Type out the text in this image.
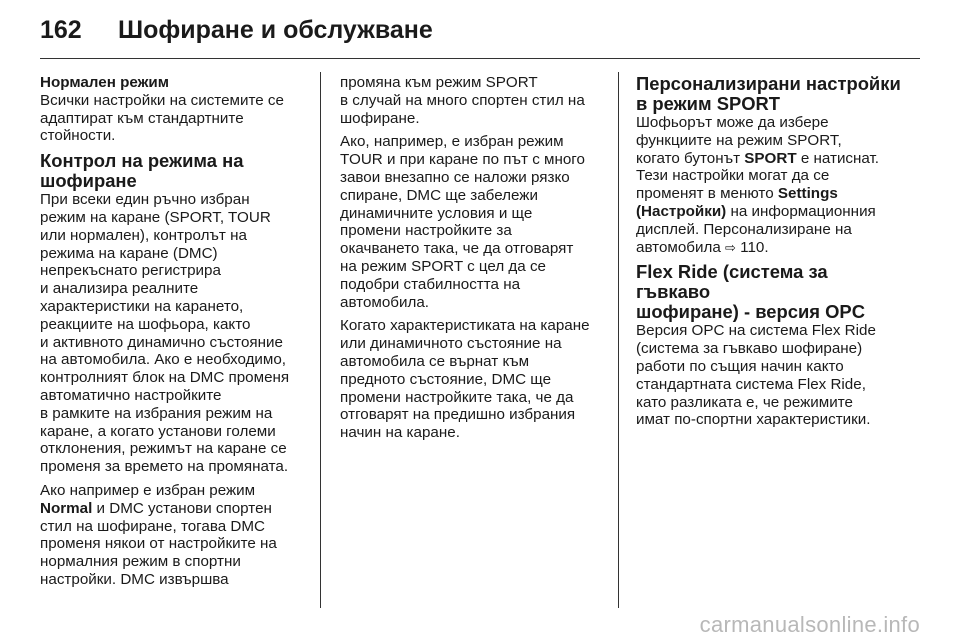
162	Шофиране и обслужване
Нормален режим

Всички настройки на системите се
адаптират към стандартните
стойности.

Контрол на режима на
шофиране

При всеки един ръчно избран
режим на каране (SPORT, TOUR
или нормален), контролът на
режима на каране (DMC)
непрекъснато регистрира
и анализира реалните
характеристики на карането,
реакциите на шофьора, както
и активното динамично състояние
на автомобила. Ако е необходимо,
контролният блок на DMC променя
автоматично настройките
в рамките на избрания режим на
каране, а когато установи големи
отклонения, режимът на каране се
променя за времето на промяната.

Ако например е избран режим
Normal и DMC установи спортен
стил на шофиране, тогава DMC
променя някои от настройките на
нормалния режим в спортни
настройки. DMC извършва

промяна към режим SPORT
в случай на много спортен стил на
шофиране.

Ако, например, е избран режим
TOUR и при каране по път с много
завои внезапно се наложи рязко
спиране, DMC ще забележи
динамичните условия и ще
промени настройките за
окачването така, че да отговарят
на режим SPORT с цел да се
подобри стабилността на
автомобила.

Когато характеристиката на каране
или динамичното състояние на
автомобила се върнат към
предното състояние, DMC ще
промени настройките така, че да
отговарят на предишно избрания
начин на каране.

Персонализирани настройки
в режим SPORT

Шофьорът може да избере
функциите на режим SPORT,
когато бутонът SPORT е натиснат.
Тези настройки могат да се
променят в менюто Settings
(Настройки) на информационния
дисплей. Персонализиране на
автомобила ⇨ 110.

Flex Ride (система за гъвкаво
шофиране) - версия OPC

Версия OPC на система Flex Ride
(система за гъвкаво шофиране)
работи по същия начин както
стандартната система Flex Ride,
като разликата е, че режимите
имат по-спортни характеристики.

carmanualsonline.info
